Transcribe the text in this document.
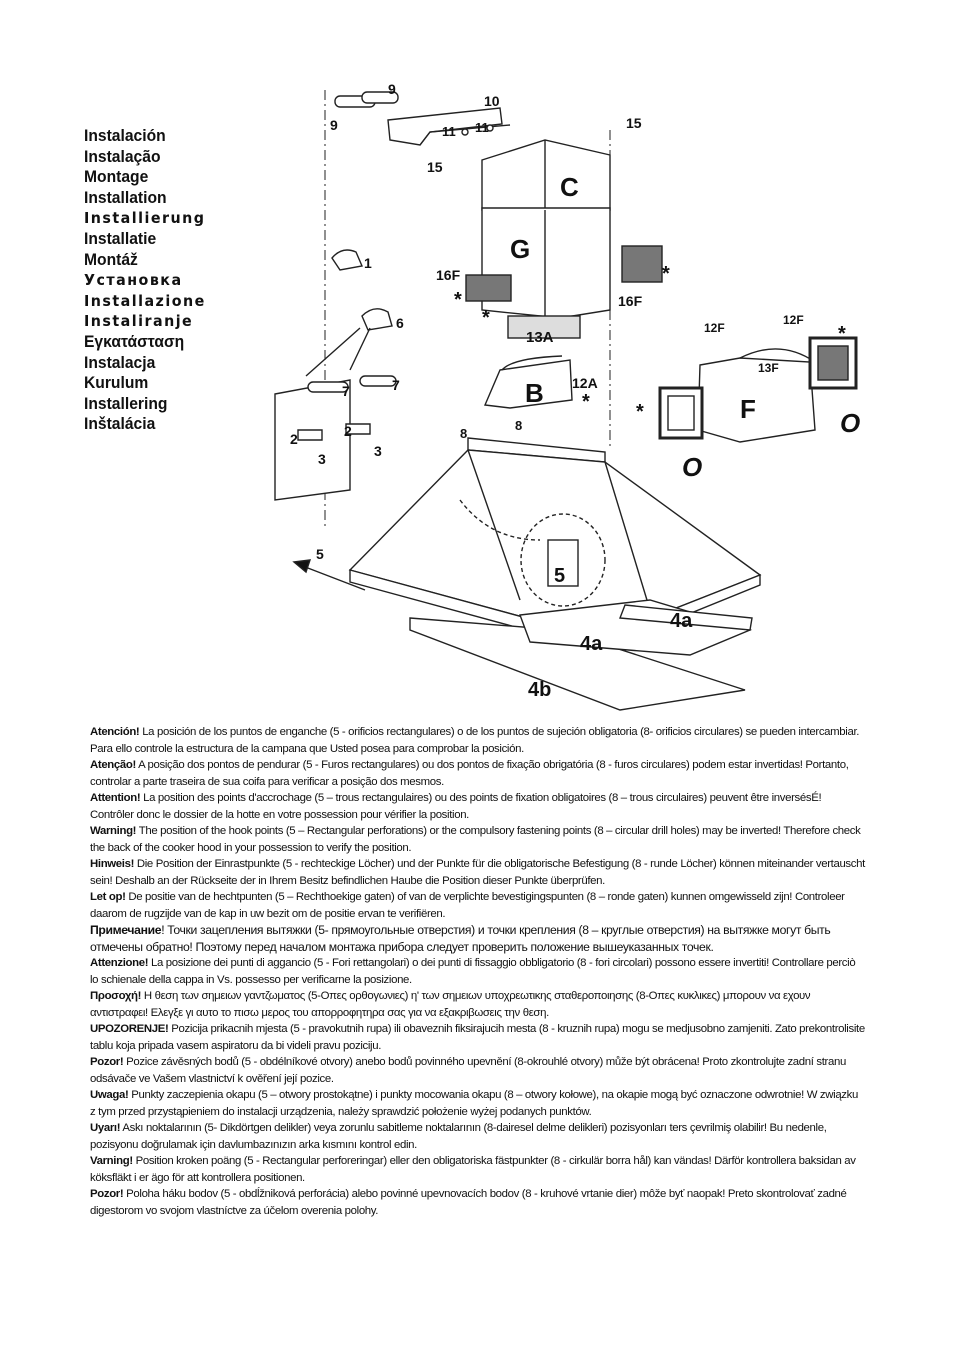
Instalación
Instalação
Montage
Installation
Installierung
Installatie
Montáž
Установка
Installazione
Instaliranje
Εγκατάσταση
Instalacja
Kurulum
Installering
Inštalácia
9
9
10
11 11	15
15
C
G
16F
16F
13A
1
6
7	7
2	2
3	3
B 12A
8
8
12F
12F
13F
F
O
O
5
5
4a
4a
4b
*
*
*
* *
*

Atención! La posición de los puntos de enganche (5 - orificios rectangulares) o de los puntos de sujeción obligatoria (8- orificios circulares) se pueden intercambiar. Para ello controle la estructura de la campana que Usted posea para comprobar la posición.

Atenção! A posição dos pontos de pendurar (5 - Furos rectangulares) ou dos pontos de fixação obrigatória (8 - furos circulares) podem estar invertidas! Portanto, controlar a parte traseira de sua coifa para verificar a posição dos mesmos.

Attention! La position des points d'accrochage (5 – trous rectangulaires) ou des points de fixation obligatoires (8 – trous circulaires) peuvent être inversésÉ! Contrôler donc le dossier de la hotte en votre possession pour vérifier la position.

Warning! The position of the hook points (5 – Rectangular perforations) or the compulsory fastening points (8 – circular drill holes) may be inverted! Therefore check the back of the cooker hood in your possession to verify the position.

Hinweis! Die Position der Einrastpunkte (5 - rechteckige Löcher) und der Punkte für die obligatorische Befestigung (8 - runde Löcher) können miteinander vertauscht sein! Deshalb an der Rückseite der in Ihrem Besitz befindlichen Haube die Position dieser Punkte überprüfen.

Let op! De positie van de hechtpunten (5 – Rechthoekige gaten) of van de verplichte bevestigingspunten (8 – ronde gaten) kunnen omgewisseld zijn! Controleer daarom de rugzijde van de kap in uw bezit om de positie ervan te verifiëren.

Примечание! Точки зацепления вытяжки (5- прямоугольные отверстия) и точки крепления (8 – круглые отверстия) на вытяжке могут быть отмечены обратно! Поэтому перед началом монтажа прибора следует проверить положение вышеуказанных точек.

Attenzione! La posizione dei punti di aggancio (5 - Fori rettangolari) o dei punti di fissaggio obbligatorio (8 - fori circolari) possono essere invertiti! Controllare perciò lo schienale della cappa in Vs. possesso per verificarne la posizione.

Προσοχή! Η θεση των σημειων γαντζωματος (5-Οπες ορθογωνιες) η' των σημειων υποχρεωτικης σταθεροποιησης (8-Οπες κυκλικες) μπορουν να εχουν αντιστραφει! Ελεγξε γι αυτο το πισω μερος του απορροφητηρα σας για να εξακριβωσεις την θεση.

UPOZORENJE! Pozicija prikacnih mjesta (5 - pravokutnih rupa) ili obaveznih fiksirajucih mesta (8 - kruznih rupa) mogu se medjusobno zamjeniti. Zato prekontrolisite tablu koja pripada vasem aspiratoru da bi videli pravu poziciju.

Pozor! Pozice závěsných bodů (5 - obdélníkové otvory) anebo bodů povinného upevnění (8-okrouhlé otvory) může být obrácena! Proto zkontrolujte zadní stranu odsávače ve Vašem vlastnictví k ověření její pozice.

Uwaga! Punkty zaczepienia okapu (5 – otwory prostokątne) i punkty mocowania okapu (8 – otwory kołowe), na okapie mogą być oznaczone odwrotnie! W związku z tym przed przystąpieniem do instalacji urządzenia, należy sprawdzić położenie wyżej podanych punktów.

Uyarı! Askı noktalarının (5- Dikdörtgen delikler) veya zorunlu sabitleme noktalarının (8-dairesel delme delikleri) pozisyonları ters çevrilmiş olabilir! Bu nedenle, pozisyonu doğrulamak için davlumbazınızın arka kısmını kontrol edin.

Varning! Position kroken poäng (5 - Rectangular perforeringar) eller den obligatoriska fästpunkter (8 - cirkulär borra hål) kan vändas! Därför kontrollera baksidan av köksfläkt i er ägo för att kontrollera positionen.

Pozor! Poloha háku bodov (5 - obdĺžniková perforácia) alebo povinné upevnovacích bodov (8 - kruhové vrtanie dier) môže byť naopak! Preto skontrolovať zadné digestorom vo svojom vlastníctve za účelom overenia polohy.
